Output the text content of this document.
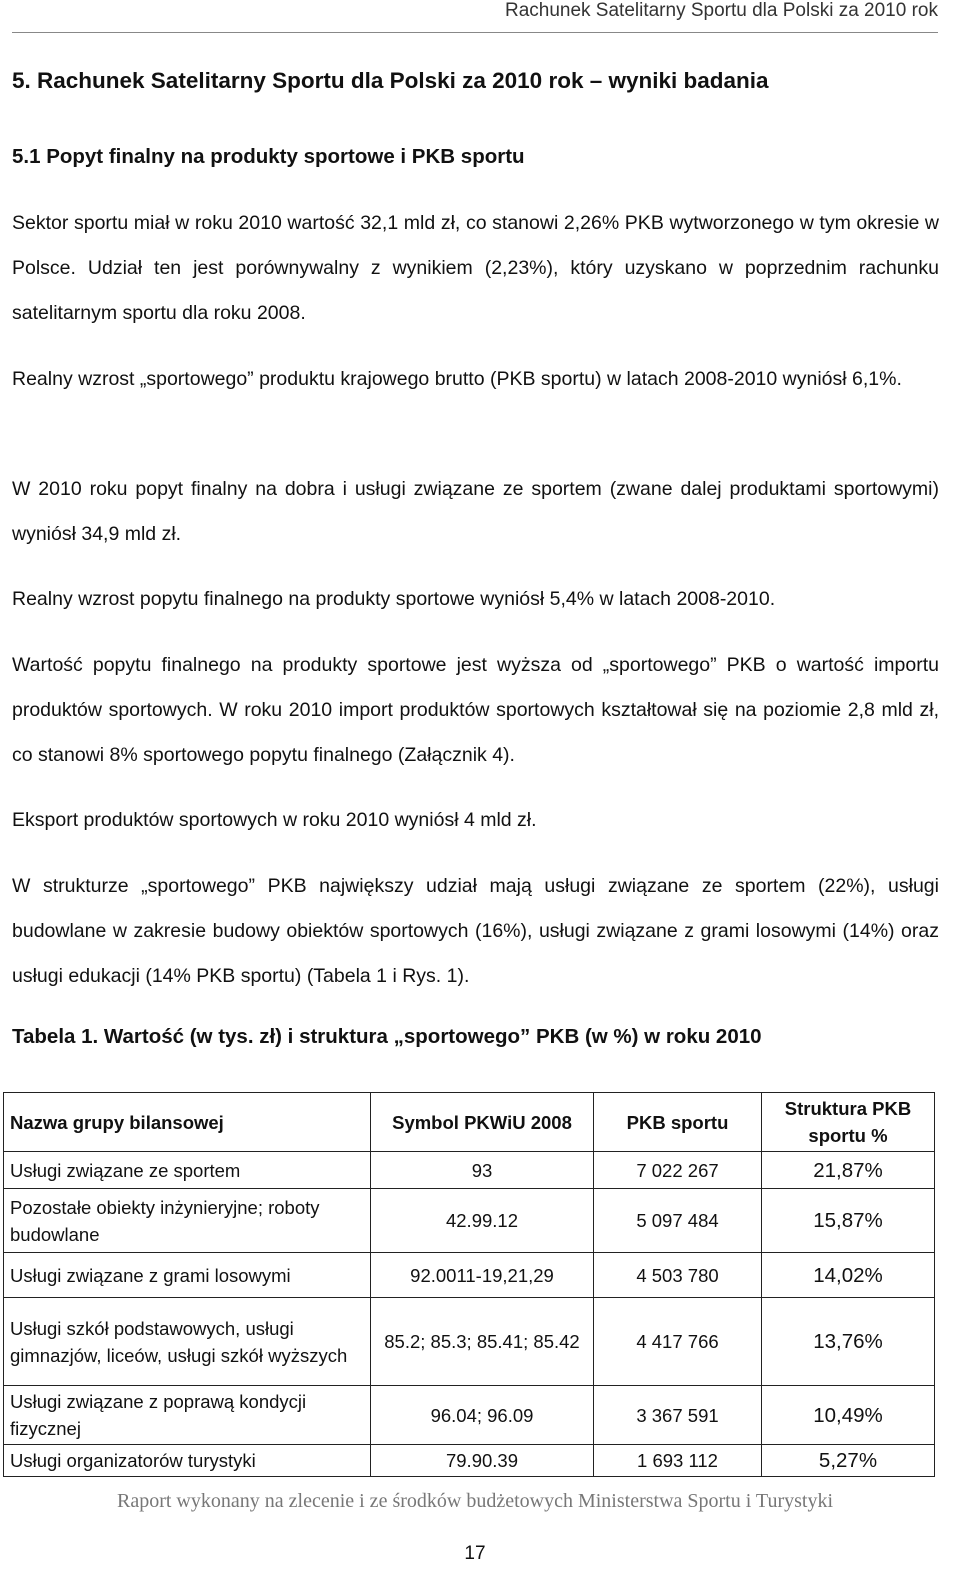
Rachunek Satelitarny Sportu dla Polski za 2010 rok
5. Rachunek Satelitarny Sportu dla Polski za 2010 rok – wyniki badania
5.1 Popyt finalny na produkty sportowe i PKB sportu

Sektor sportu miał w roku 2010 wartość 32,1 mld zł, co stanowi 2,26% PKB wytworzonego w tym okresie w Polsce. Udział ten jest porównywalny z wynikiem (2,23%), który uzyskano w poprzednim rachunku satelitarnym sportu dla roku 2008.

Realny wzrost „sportowego” produktu krajowego brutto (PKB sportu) w latach 2008-2010 wyniósł 6,1%.

W 2010 roku popyt finalny na dobra i usługi związane ze sportem (zwane dalej produktami sportowymi) wyniósł 34,9 mld zł.

Realny wzrost popytu finalnego na produkty sportowe wyniósł 5,4% w latach 2008-2010.

Wartość popytu finalnego na produkty sportowe jest wyższa od „sportowego” PKB o wartość importu produktów sportowych. W roku 2010 import produktów sportowych kształtował się na poziomie 2,8 mld zł, co stanowi 8% sportowego popytu finalnego (Załącznik 4).

Eksport produktów sportowych w roku 2010 wyniósł 4 mld zł.

W strukturze „sportowego” PKB największy udział mają usługi związane ze sportem (22%), usługi budowlane w zakresie budowy obiektów sportowych (16%), usługi związane z grami losowymi (14%) oraz usługi edukacji (14% PKB sportu) (Tabela 1 i Rys. 1).

Tabela 1. Wartość (w tys. zł) i struktura „sportowego” PKB (w %) w roku 2010
Nazwa grupy bilansowej	Symbol PKWiU 2008	PKB sportu	Struktura PKB sportu %
Usługi związane ze sportem	93	7 022 267	21,87%
Pozostałe obiekty inżynieryjne; roboty budowlane	42.99.12	5 097 484	15,87%
Usługi związane z grami losowymi	92.0011-19,21,29	4 503 780	14,02%
Usługi szkół podstawowych, usługi gimnazjów, liceów, usługi szkół wyższych	85.2; 85.3; 85.41; 85.42	4 417 766	13,76%
Usługi związane z poprawą kondycji fizycznej	96.04; 96.09	3 367 591	10,49%
Usługi organizatorów turystyki	79.90.39	1 693 112	5,27%
Raport wykonany na zlecenie i ze środków budżetowych Ministerstwa Sportu i Turystyki
17
